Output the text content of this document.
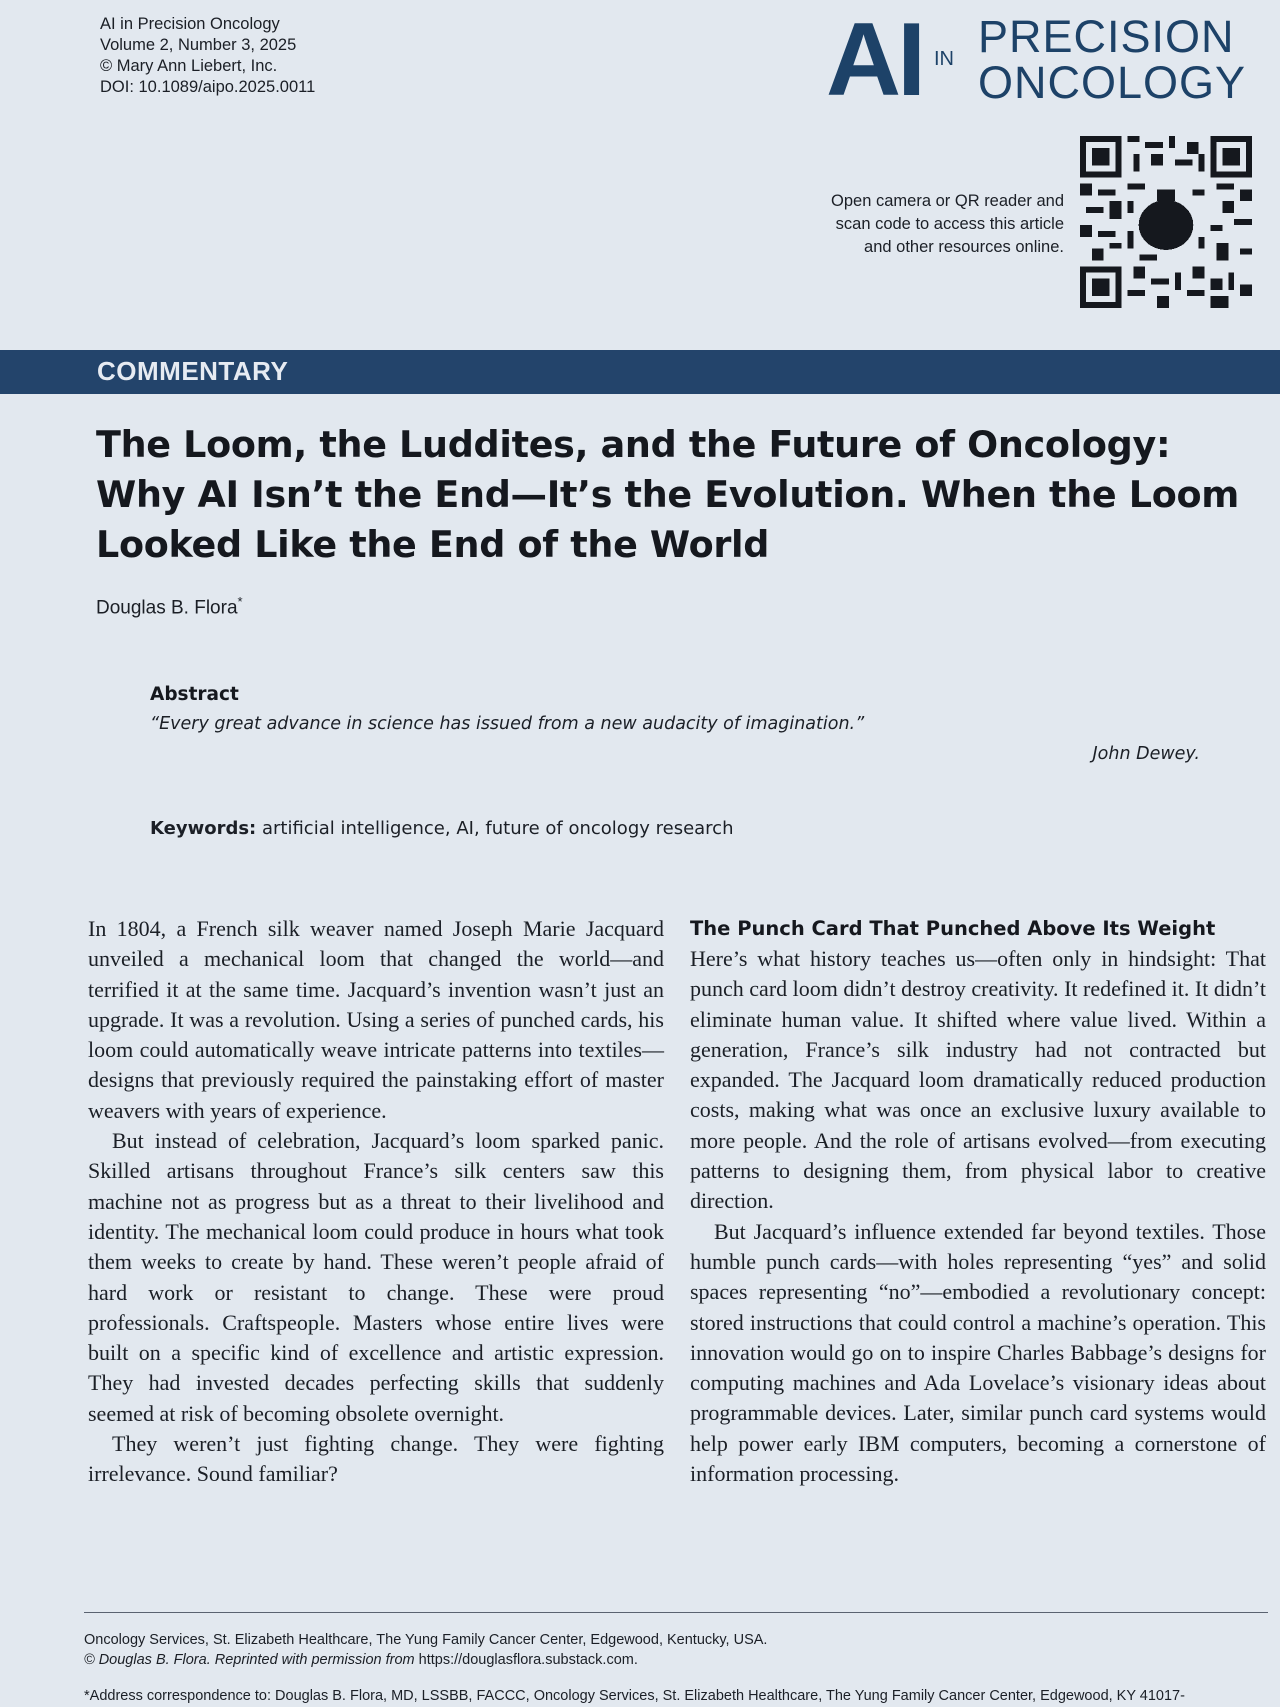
AI in Precision Oncology
Volume 2, Number 3, 2025
© Mary Ann Liebert, Inc.
DOI: 10.1089/aipo.2025.0011	AI IN PRECISION
ONCOLOGY
Open camera or QR reader and
scan code to access this article
and other resources online.
COMMENTARY
The Loom, the Luddites, and the Future of Oncology:
Why AI Isn’t the End—It’s the Evolution. When the Loom
Looked Like the End of the World
Douglas B. Flora*
Abstract
“Every great advance in science has issued from a new audacity of imagination.”
John Dewey.
Keywords: artificial intelligence, AI, future of oncology research

In 1804, a French silk weaver named Joseph Marie Jacquard unveiled a mechanical loom that changed the world—and terrified it at the same time. Jacquard’s invention wasn’t just an upgrade. It was a revolution. Using a series of punched cards, his loom could automatically weave intricate patterns into textiles—designs that previously required the painstaking effort of master weavers with years of experience.

But instead of celebration, Jacquard’s loom sparked panic. Skilled artisans throughout France’s silk centers saw this machine not as progress but as a threat to their livelihood and identity. The mechanical loom could produce in hours what took them weeks to create by hand. These weren’t people afraid of hard work or resistant to change. These were proud professionals. Craftspeople. Masters whose entire lives were built on a specific kind of excellence and artistic expression. They had invested decades perfecting skills that suddenly seemed at risk of becoming obsolete overnight.

They weren’t just fighting change. They were fighting irrelevance. Sound familiar?

The Punch Card That Punched Above Its Weight

Here’s what history teaches us—often only in hindsight: That punch card loom didn’t destroy creativity. It redefined it. It didn’t eliminate human value. It shifted where value lived. Within a generation, France’s silk industry had not contracted but expanded. The Jacquard loom dramatically reduced production costs, making what was once an exclusive luxury available to more people. And the role of artisans evolved—from executing patterns to designing them, from physical labor to creative direction.

But Jacquard’s influence extended far beyond textiles. Those humble punch cards—with holes representing “yes” and solid spaces representing “no”—embodied a revolutionary concept: stored instructions that could control a machine’s operation. This innovation would go on to inspire Charles Babbage’s designs for computing machines and Ada Lovelace’s visionary ideas about programmable devices. Later, similar punch card systems would help power early IBM computers, becoming a cornerstone of information processing.

Oncology Services, St. Elizabeth Healthcare, The Yung Family Cancer Center, Edgewood, Kentucky, USA.
© Douglas B. Flora. Reprinted with permission from https://douglasflora.substack.com.
*Address correspondence to: Douglas B. Flora, MD, LSSBB, FACCC, Oncology Services, St. Elizabeth Healthcare, The Yung Family Cancer Center, Edgewood, KY 41017-
